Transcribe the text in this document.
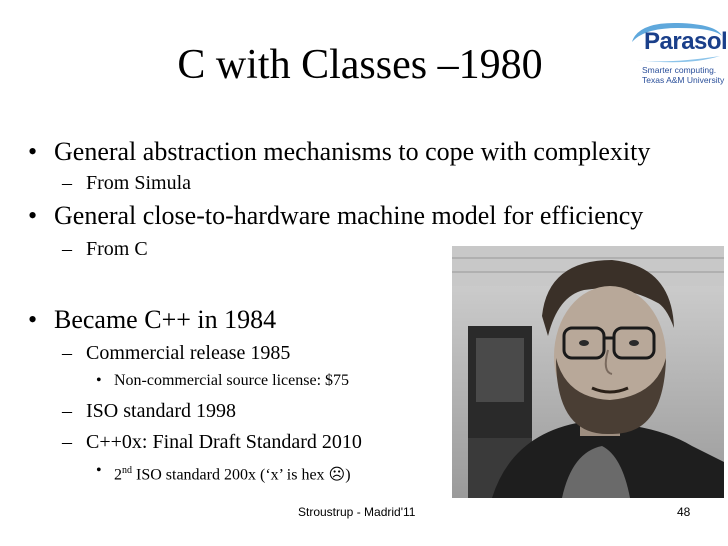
C with Classes –1980
Parasol
Smarter computing.
Texas A&M University
• General abstraction mechanisms to cope with complexity
– From Simula
• General close-to-hardware machine model for efficiency
– From C
• Became C++ in 1984
– Commercial release 1985
• Non-commercial source license: $75
– ISO standard 1998
– C++0x: Final Draft Standard 2010
• 2nd ISO standard 200x (‘x’ is hex ☹)
Stroustrup - Madrid'11	48
